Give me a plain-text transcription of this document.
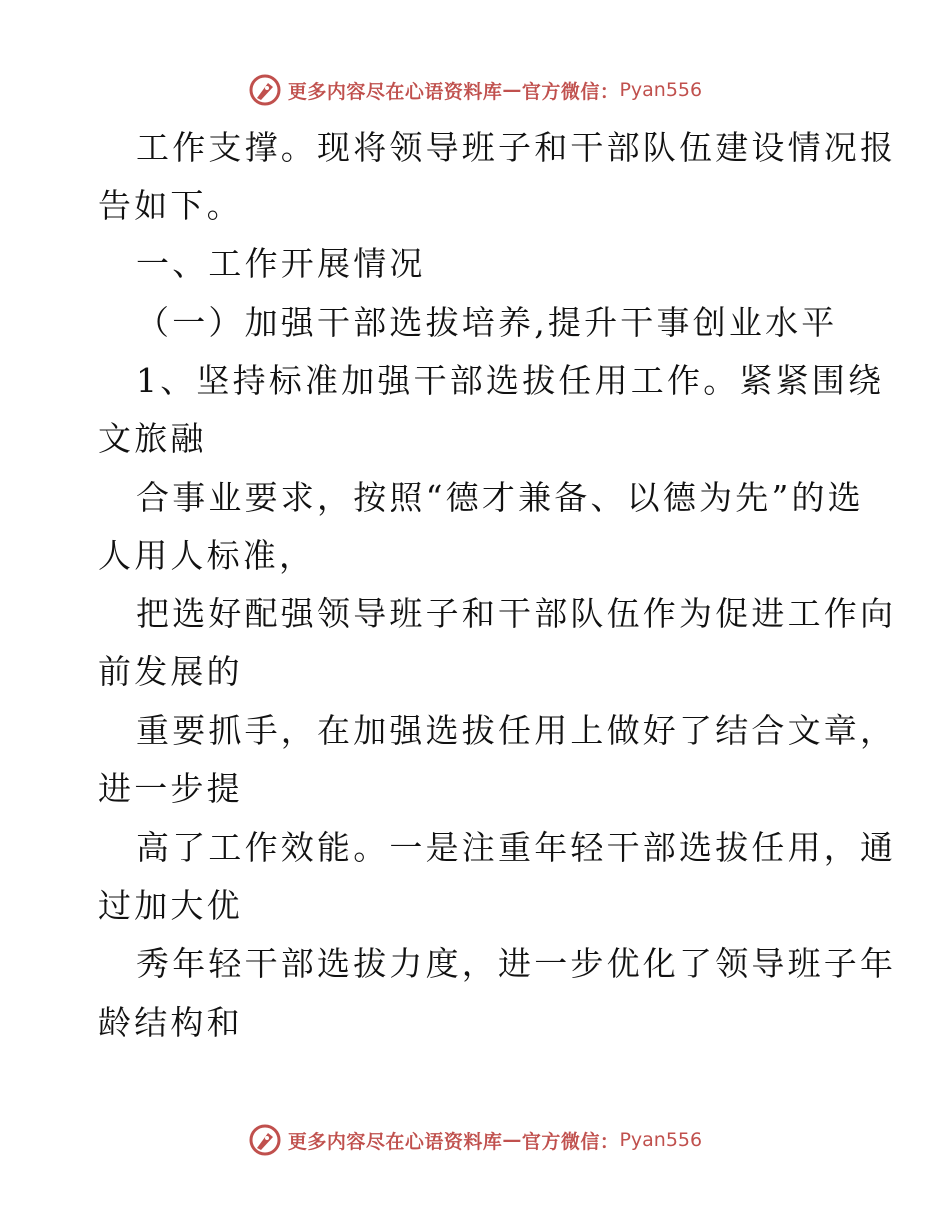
更多内容尽在心语资料库 — 官方微信： Pyan556
工作支撑。现将领导班子和干部队伍建设情况报
告如下。
一、工作开展情况
（一）加强干部选拔培养,提升干事创业水平
1、坚持标准加强干部选拔任用工作。紧紧围绕
文旅融
合事业要求，按照“德才兼备、以德为先”的选
人用人标准，
把选好配强领导班子和干部队伍作为促进工作向
前发展的
重要抓手，在加强选拔任用上做好了结合文章，
进一步提
高了工作效能。一是注重年轻干部选拔任用，通
过加大优
秀年轻干部选拔力度，进一步优化了领导班子年
龄结构和
更多内容尽在心语资料库 — 官方微信： Pyan556
